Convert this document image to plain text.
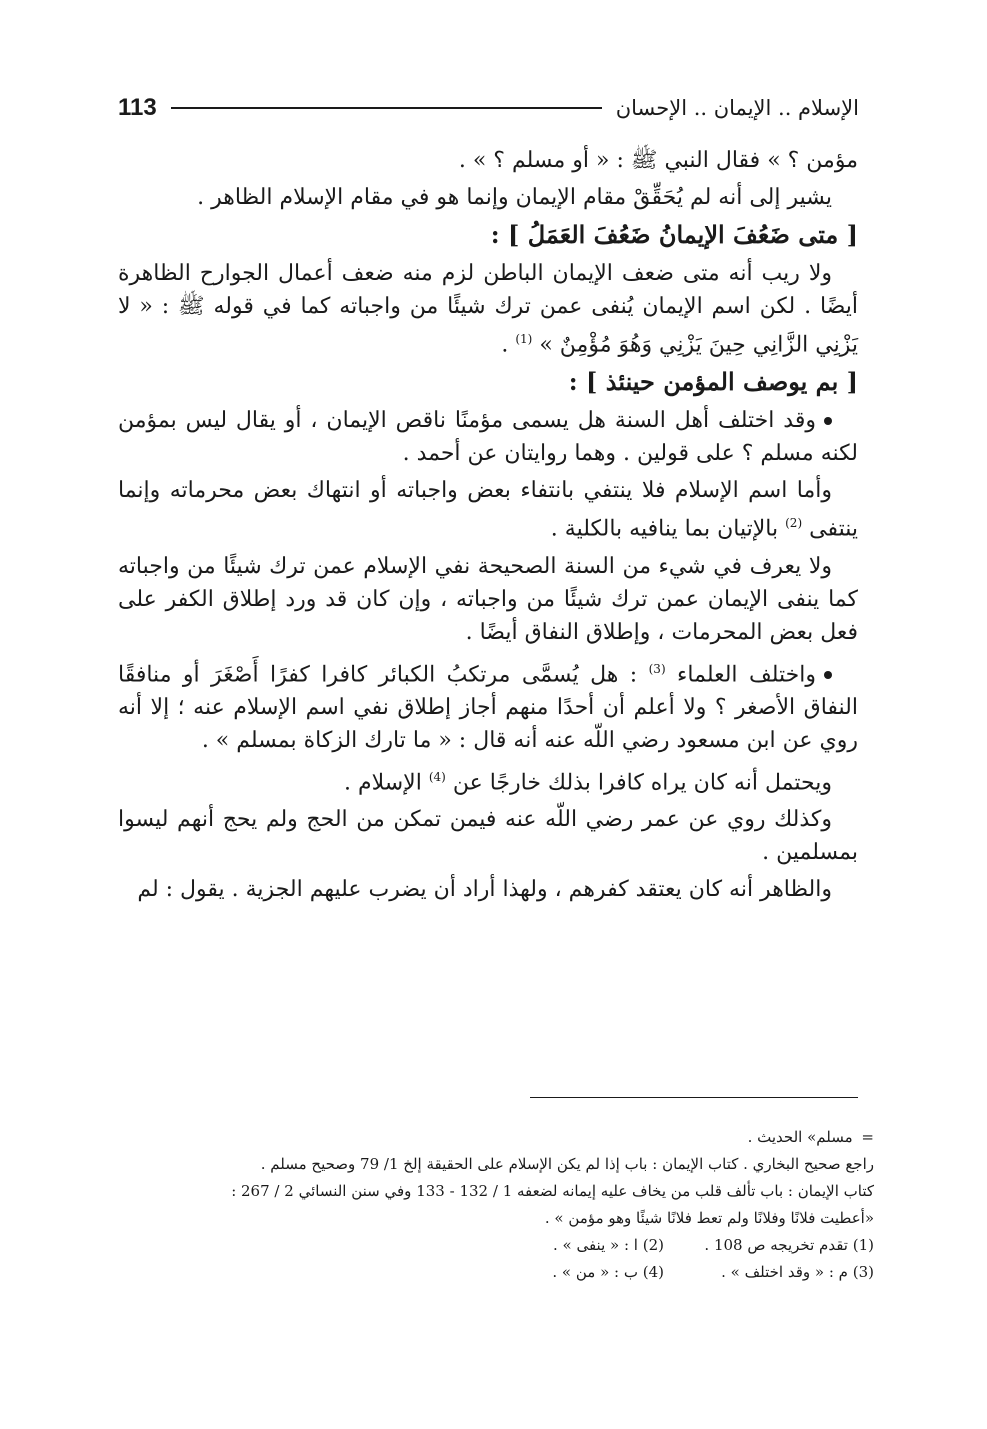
113	الإسلام .. الإيمان .. الإحسان

مؤمن ؟ » فقال النبي ﷺ : « أو مسلم ؟ » .

يشير إلى أنه لم يُحَقِّقْ مقام الإيمان وإنما هو في مقام الإسلام الظاهر .

[ متى ضَعُفَ الإيمانُ ضَعُفَ العَمَلُ ] :

ولا ريب أنه متى ضعف الإيمان الباطن لزم منه ضعف أعمال الجوارح الظاهرة أيضًا . لكن اسم الإيمان يُنفى عمن ترك شيئًا من واجباته كما في قوله ﷺ : « لا يَزْنِي الزَّانِي حِينَ يَزْنِي وَهُوَ مُؤْمِنٌ » $^{(1)}$ .

[ بم يوصف المؤمن حينئذ ] :

وقد اختلف أهل السنة هل يسمى مؤمنًا ناقص الإيمان ، أو يقال ليس بمؤمن لكنه مسلم ؟ على قولين . وهما روايتان عن أحمد .

وأما اسم الإسلام فلا ينتفي بانتفاء بعض واجباته أو انتهاك بعض محرماته وإنما ينتفى $^{(2)}$ بالإتيان بما ينافيه بالكلية .

ولا يعرف في شيء من السنة الصحيحة نفي الإسلام عمن ترك شيئًا من واجباته كما ينفى الإيمان عمن ترك شيئًا من واجباته ، وإن كان قد ورد إطلاق الكفر على فعل بعض المحرمات ، وإطلاق النفاق أيضًا .

واختلف العلماء $^{(3)}$ : هل يُسمَّى مرتكبُ الكبائر كافرا كفرًا أَصْغَرَ أو منافقًا النفاق الأصغر ؟ ولا أعلم أن أحدًا منهم أجاز إطلاق نفي اسم الإسلام عنه ؛ إلا أنه روي عن ابن مسعود رضي اللّه عنه أنه قال : « ما تارك الزكاة بمسلم » .

ويحتمل أنه كان يراه كافرا بذلك خارجًا عن $^{(4)}$ الإسلام .

وكذلك روي عن عمر رضي اللّه عنه فيمن تمكن من الحج ولم يحج أنهم ليسوا بمسلمين .

والظاهر أنه كان يعتقد كفرهم ، ولهذا أراد أن يضرب عليهم الجزية . يقول : لم

= مسلم» الحديث .

راجع صحيح البخاري . كتاب الإيمان : باب إذا لم يكن الإسلام على الحقيقة إلخ 1/ 79 وصحيح مسلم .

كتاب الإيمان : باب تألف قلب من يخاف عليه إيمانه لضعفه 1 / 132 - 133 وفي سنن النسائي 2 / 267 :

«أعطيت فلانًا وفلانًا ولم تعط فلانًا شيئًا وهو مؤمن » .

(1) تقدم تخريجه ص 108 .
(2) ا : « ينفى » .
(3) م : « وقد اختلف » .
(4) ب : « من » .
